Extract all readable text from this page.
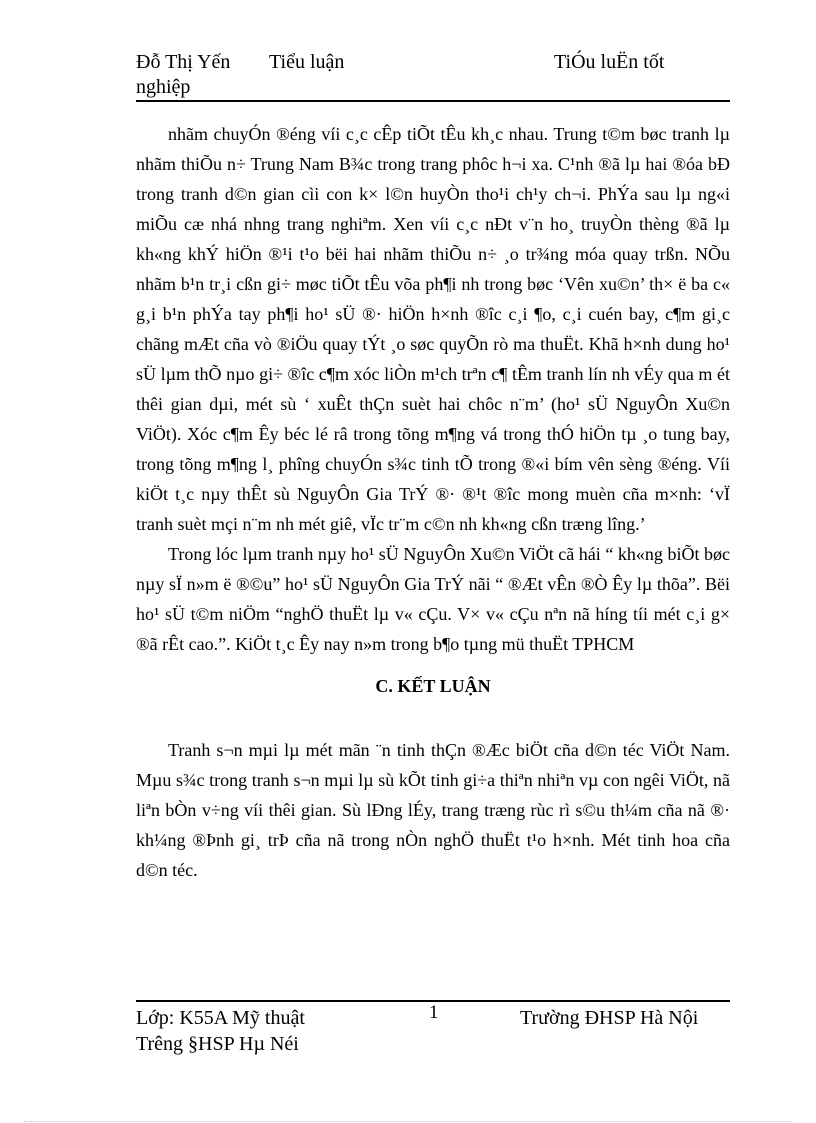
Đỗ Thị Yến Tiểu luận	TiÓu luËn tốt
nghiệp

nhãm chuyÓn ®éng víi c¸c cÊp tiÕt tÊu kh¸c nhau. Trung t©m bøc tranh lµ nhãm thiÕu n÷ Trung Nam B¾c trong trang phôc h¬i xa. C¹nh ®ã lµ hai ®óa bÐ trong tranh d©n gian cìi con k× l©n huyÒn tho¹i ch¹y ch¬i. PhÝa sau lµ ng«i miÕu cæ nhá nhng trang nghiªm. Xen víi c¸c nÐt v¨n ho¸ truyÒn thèng ®ã lµ kh«ng khÝ hiÖn ®¹i t¹o bëi hai nhãm thiÕu n÷ ¸o tr¾ng móa quay trßn. NÕu nhãm b¹n tr¸i cßn gi÷ møc tiÕt tÊu võa ph¶i nh trong bøc ‘Vên xu©n’ th× ë ba c« g¸i b¹n phÝa tay ph¶i ho¹ sÜ ®· hiÖn h×nh ®îc c¸i ¶o, c¸i cuén bay, c¶m gi¸c chãng mÆt cña vò ®iÖu quay tÝt ¸o søc quyÕn rò ma thuËt. Khã h×nh dung ho¹ sÜ lµm thÕ nµo gi÷ ®îc c¶m xóc liÒn m¹ch trªn c¶ tÊm tranh lín nh vÉy qua m ét thêi gian dµi, mét sù ‘ xuÊt thÇn suèt hai chôc n¨m’ (ho¹ sÜ NguyÔn Xu©n ViÖt). Xóc c¶m Êy béc lé râ trong tõng m¶ng vá trong thÓ hiÖn tµ ¸o tung bay, trong tõng m¶ng l¸ phîng chuyÓn s¾c tinh tÕ trong ®«i bím vên sèng ®éng. Víi kiÖt t¸c nµy thÊt sù NguyÔn Gia TrÝ ®· ®¹t ®îc mong muèn cña m×nh: ‘vÏ tranh suèt mçi n¨m nh mét giê, vÏc tr¨m c©n nh kh«ng cßn træng lîng.’

Trong lóc lµm tranh nµy ho¹ sÜ NguyÔn Xu©n ViÖt cã hái “ kh«ng biÕt bøc nµy sÏ n»m ë ®©u” ho¹ sÜ NguyÔn Gia TrÝ nãi “ ®Æt vÊn ®Ò Êy lµ thõa”. Bëi ho¹ sÜ t©m niÖm “nghÖ thuËt lµ v« cÇu. V× v« cÇu nªn nã híng tíi mét c¸i g× ®ã rÊt cao.”. KiÖt t¸c Êy nay n»m trong b¶o tµng mü thuËt TPHCM

C. KẾT LUẬN

Tranh s¬n mµi lµ mét mãn ¨n tinh thÇn ®Æc biÖt cña d©n téc ViÖt Nam. Mµu s¾c trong tranh s¬n mµi lµ sù kÕt tinh gi÷a thiªn nhiªn vµ con ngêi ViÖt, nã liªn bÒn v÷ng víi thêi gian. Sù lÐng lÉy, trang træng rùc rì s©u th¼m cña nã ®· kh¼ng ®Þnh gi¸ trÞ cña nã trong nÒn nghÖ thuËt t¹o h×nh. Mét tinh hoa cña d©n téc.

Lớp: K55A Mỹ thuật	1	Trường ĐHSP Hà Nội
Trêng §HSP Hµ Néi
